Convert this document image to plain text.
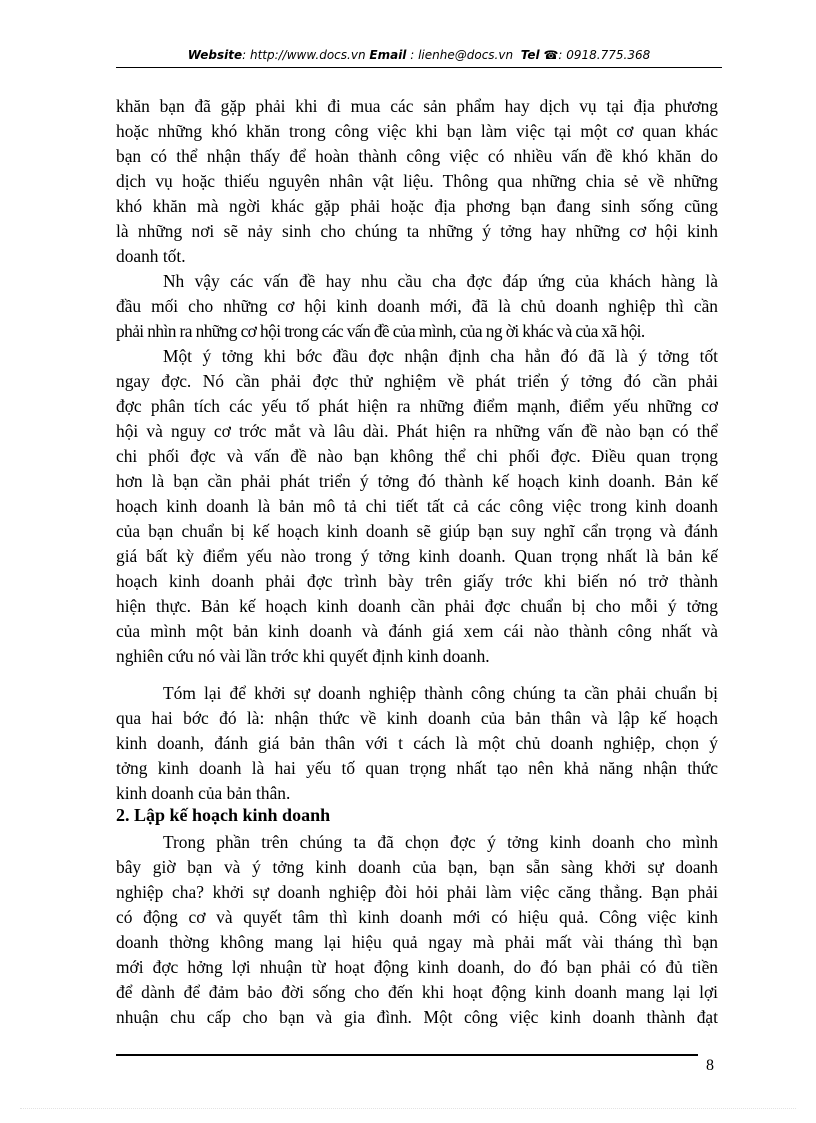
Website: http://www.docs.vn Email : lienhe@docs.vn Tel ☎: 0918.775.368
khăn bạn đã gặp phải khi đi mua các sản phẩm hay dịch vụ tại địa phương
hoặc những khó khăn trong công việc khi bạn làm việc tại một cơ quan khác
bạn có thể nhận thấy để hoàn thành công việc có nhiều vấn đề khó khăn do
dịch vụ hoặc thiếu nguyên nhân vật liệu. Thông qua những chia sẻ về những
khó khăn mà ngời khác gặp phải hoặc địa phơng bạn đang sinh sống cũng
là những nơi sẽ nảy sinh cho chúng ta những ý tởng hay những cơ hội kinh
doanh tốt.
Nh vậy các vấn đề hay nhu cầu cha đợc đáp ứng của khách hàng là
đầu mối cho những cơ hội kinh doanh mới, đã là chủ doanh nghiệp thì cần
phải nhìn ra những cơ hội trong các vấn đề của mình, của ng ời khác và của xã hội.
Một ý tởng khi bớc đầu đợc nhận định cha hẳn đó đã là ý tởng tốt
ngay đợc. Nó cần phải đợc thử nghiệm về phát triển ý tởng đó cần phải
đợc phân tích các yếu tố phát hiện ra những điểm mạnh, điểm yếu những cơ
hội và nguy cơ trớc mắt và lâu dài. Phát hiện ra những vấn đề nào bạn có thể
chi phối đợc và vấn đề nào bạn không thể chi phối đợc. Điều quan trọng
hơn là bạn cần phải phát triển ý tởng đó thành kế hoạch kinh doanh. Bản kế
hoạch kinh doanh là bản mô tả chi tiết tất cả các công việc trong kinh doanh
của bạn chuẩn bị kế hoạch kinh doanh sẽ giúp bạn suy nghĩ cẩn trọng và đánh
giá bất kỳ điểm yếu nào trong ý tởng kinh doanh. Quan trọng nhất là bản kế
hoạch kinh doanh phải đợc trình bày trên giấy trớc khi biến nó trở thành
hiện thực. Bản kế hoạch kinh doanh cần phải đợc chuẩn bị cho mỗi ý tởng
của mình một bản kinh doanh và đánh giá xem cái nào thành công nhất và
nghiên cứu nó vài lần trớc khi quyết định kinh doanh.
Tóm lại để khởi sự doanh nghiệp thành công chúng ta cần phải chuẩn bị
qua hai bớc đó là: nhận thức về kinh doanh của bản thân và lập kế hoạch
kinh doanh, đánh giá bản thân với t cách là một chủ doanh nghiệp, chọn ý
tởng kinh doanh là hai yếu tố quan trọng nhất tạo nên khả năng nhận thức
kinh doanh của bản thân.
2. Lập kế hoạch kinh doanh
Trong phần trên chúng ta đã chọn đợc ý tởng kinh doanh cho mình
bây giờ bạn và ý tởng kinh doanh của bạn, bạn sẵn sàng khởi sự doanh
nghiệp cha? khởi sự doanh nghiệp đòi hỏi phải làm việc căng thẳng. Bạn phải
có động cơ và quyết tâm thì kinh doanh mới có hiệu quả. Công việc kinh
doanh thờng không mang lại hiệu quả ngay mà phải mất vài tháng thì bạn
mới đợc hởng lợi nhuận từ hoạt động kinh doanh, do đó bạn phải có đủ tiền
để dành để đảm bảo đời sống cho đến khi hoạt động kinh doanh mang lại lợi
nhuận chu cấp cho bạn và gia đình. Một công việc kinh doanh thành đạt
8
